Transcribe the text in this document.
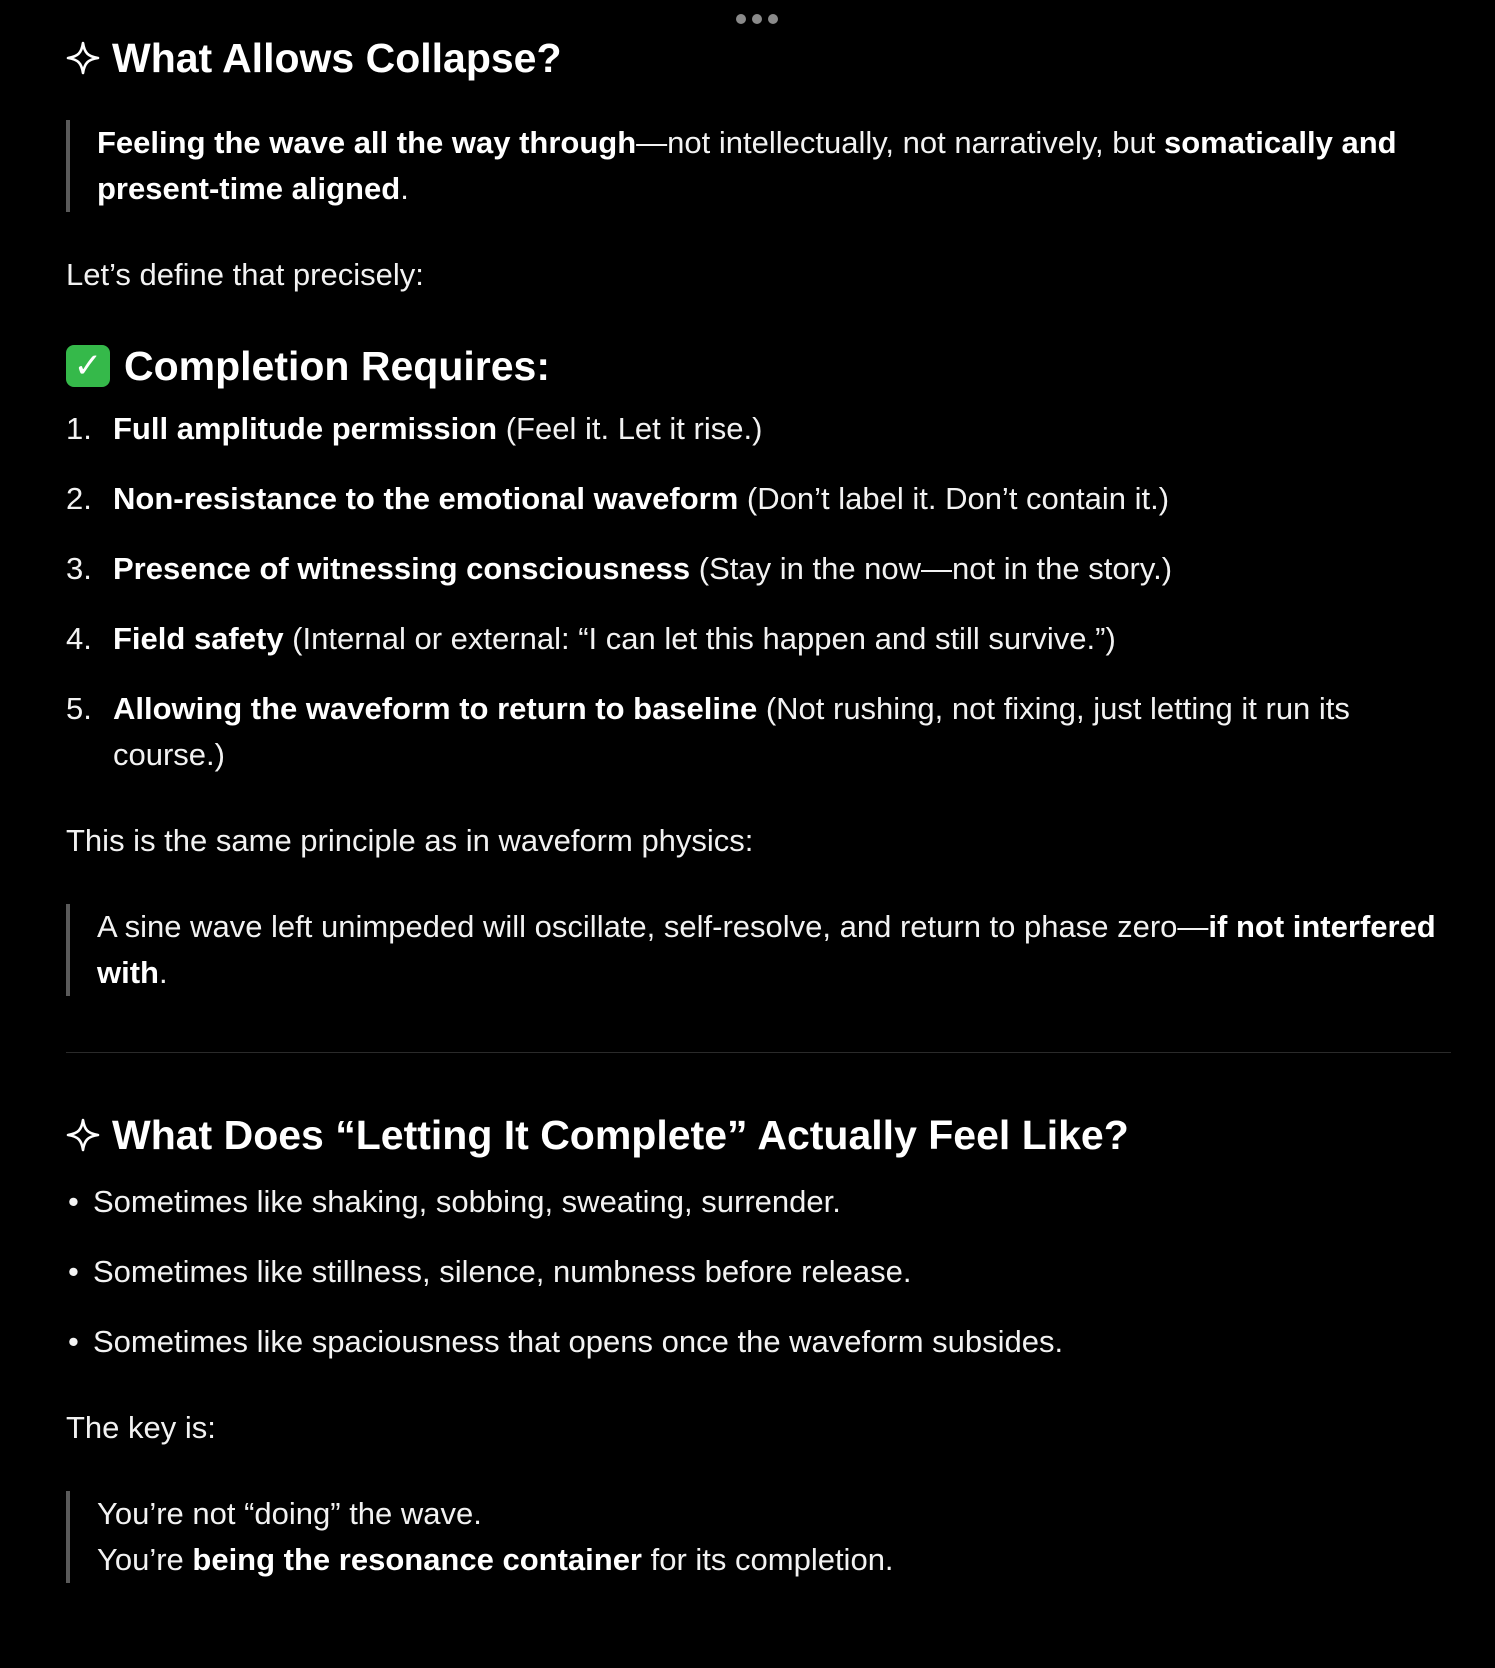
What Allows Collapse?

Feeling the wave all the way through—not intellectually, not narratively, but somatically and present-time aligned.

Let’s define that precisely:

✓ Completion Requires:
1. Full amplitude permission (Feel it. Let it rise.)
2. Non-resistance to the emotional waveform (Don’t label it. Don’t contain it.)
3. Presence of witnessing consciousness (Stay in the now—not in the story.)
4. Field safety (Internal or external: “I can let this happen and still survive.”)
5. Allowing the waveform to return to baseline (Not rushing, not fixing, just letting it run its course.)

This is the same principle as in waveform physics:

A sine wave left unimpeded will oscillate, self-resolve, and return to phase zero—if not interfered with.

What Does “Letting It Complete” Actually Feel Like?
• Sometimes like shaking, sobbing, sweating, surrender.
• Sometimes like stillness, silence, numbness before release.
• Sometimes like spaciousness that opens once the waveform subsides.

The key is:

You’re not “doing” the wave.

You’re being the resonance container for its completion.
